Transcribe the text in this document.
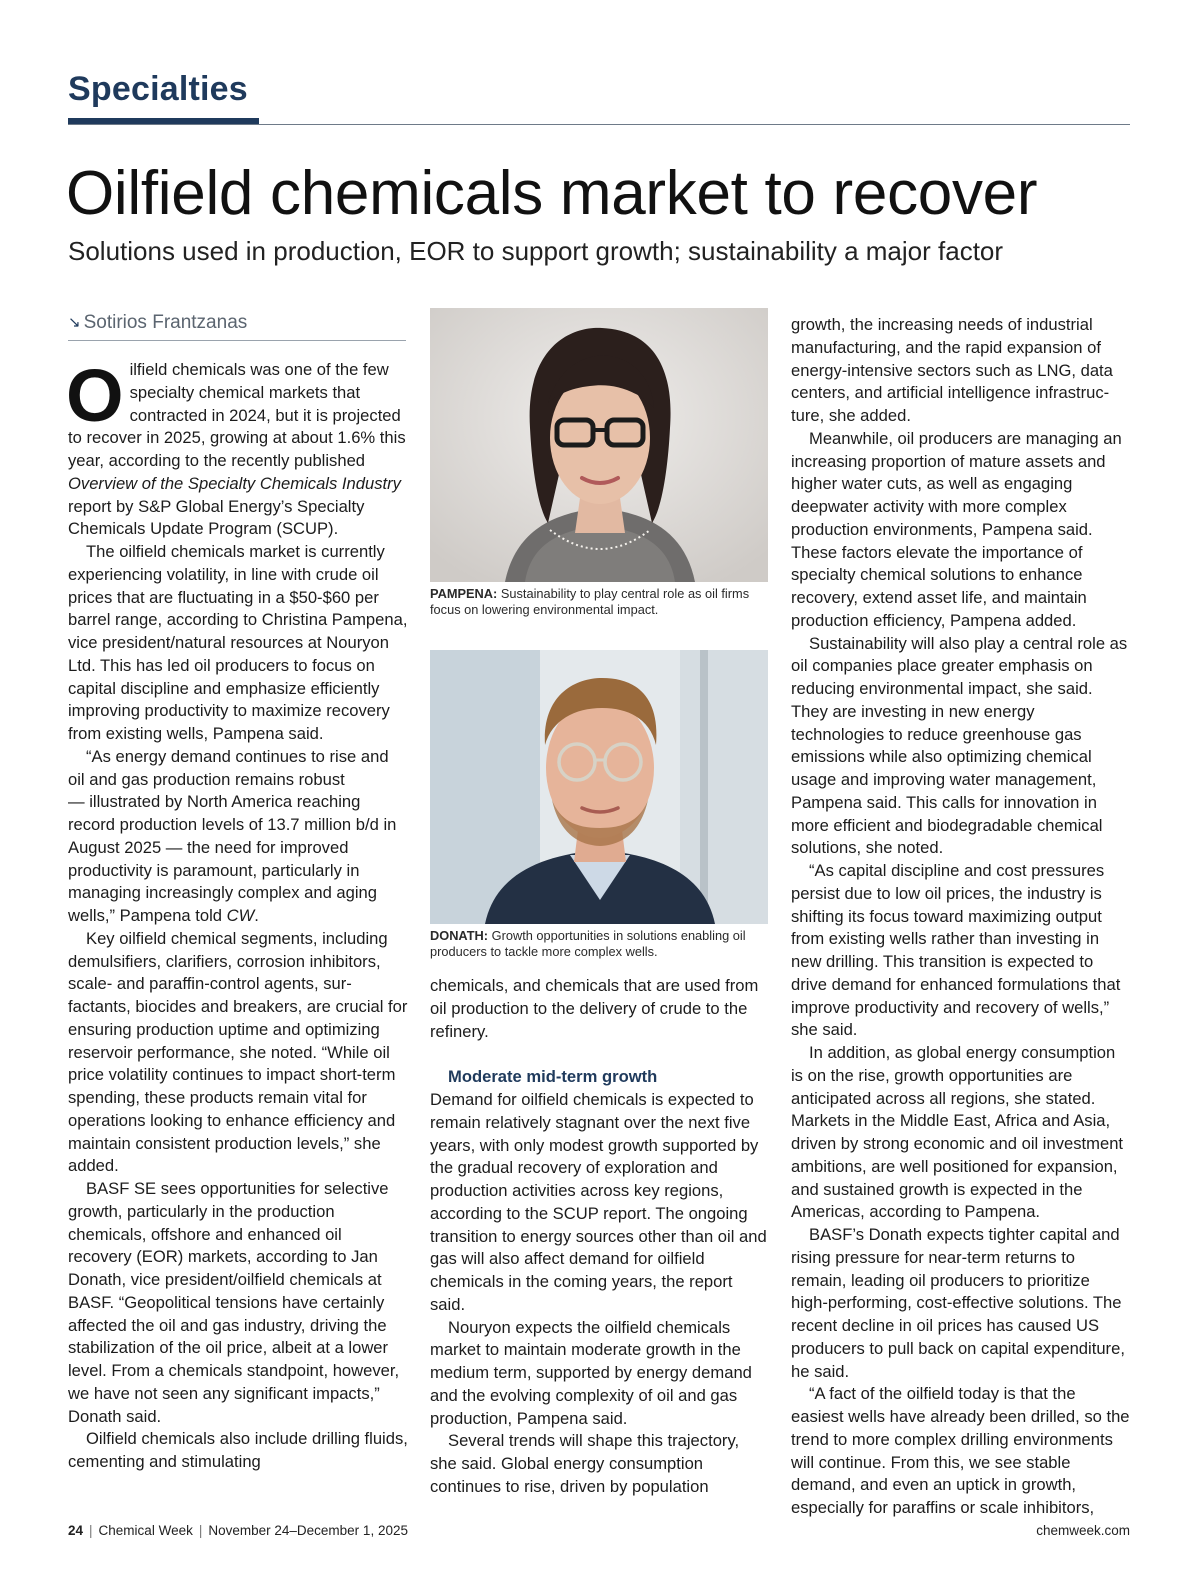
Specialties
Oilfield chemicals market to recover
Solutions used in production, EOR to support growth; sustainability a major factor
↘ Sotirios Frantzanas

Oilfield chemicals was one of the few specialty chemical markets that contracted in 2024, but it is projected to recover in 2025, growing at about 1.6% this year, according to the recently published Overview of the Specialty Chemicals Industry report by S&P Global Energy’s Specialty Chemicals Update Program (SCUP).

The oilfield chemicals market is currently experiencing volatility, in line with crude oil prices that are fluctuating in a $50-$60 per barrel range, according to Christina Pampena, vice president/natural resources at Nouryon Ltd. This has led oil producers to focus on capital discipline and emphasize efficiently improving productivity to maximize recovery from existing wells, Pampena said.

“As energy demand continues to rise and oil and gas production remains robust — illustrated by North America reaching record production levels of 13.7 million b/d in August 2025 — the need for improved productivity is paramount, particularly in managing increasingly complex and aging wells,” Pampena told CW.

Key oilfield chemical segments, including demulsifiers, clarifiers, corrosion inhibitors, scale- and paraffin-control agents, surfactants, biocides and breakers, are crucial for ensuring production uptime and optimizing reservoir performance, she noted. “While oil price volatility continues to impact short-term spending, these products remain vital for operations looking to enhance efficiency and maintain consistent production levels,” she added.

BASF SE sees opportunities for selective growth, particularly in the production chemicals, offshore and enhanced oil recovery (EOR) markets, according to Jan Donath, vice president/oilfield chemicals at BASF. “Geopolitical tensions have certainly affected the oil and gas industry, driving the stabilization of the oil price, albeit at a lower level. From a chemicals standpoint, however, we have not seen any significant impacts,” Donath said.

Oilfield chemicals also include drilling fluids, cementing and stimulating

PAMPENA: Sustainability to play central role as oil firms focus on lowering environmental impact.
DONATH: Growth opportunities in solutions enabling oil producers to tackle more complex wells.

chemicals, and chemicals that are used from oil production to the delivery of crude to the refinery.

Moderate mid-term growth

Demand for oilfield chemicals is expected to remain relatively stagnant over the next five years, with only modest growth supported by the gradual recovery of exploration and production activities across key regions, according to the SCUP report. The ongoing transition to energy sources other than oil and gas will also affect demand for oilfield chemicals in the coming years, the report said.

Nouryon expects the oilfield chemicals market to maintain moderate growth in the medium term, supported by energy demand and the evolving complexity of oil and gas production, Pampena said.

Several trends will shape this trajectory, she said. Global energy consumption continues to rise, driven by population

growth, the increasing needs of industrial manufacturing, and the rapid expansion of energy-intensive sectors such as LNG, data centers, and artificial intelligence infrastructure, she added.

Meanwhile, oil producers are managing an increasing proportion of mature assets and higher water cuts, as well as engaging deepwater activity with more complex production environments, Pampena said. These factors elevate the importance of specialty chemical solutions to enhance recovery, extend asset life, and maintain production efficiency, Pampena added.

Sustainability will also play a central role as oil companies place greater emphasis on reducing environmental impact, she said. They are investing in new energy technologies to reduce greenhouse gas emissions while also optimizing chemical usage and improving water management, Pampena said. This calls for innovation in more efficient and biodegradable chemical solutions, she noted.

“As capital discipline and cost pressures persist due to low oil prices, the industry is shifting its focus toward maximizing output from existing wells rather than investing in new drilling. This transition is expected to drive demand for enhanced formulations that improve productivity and recovery of wells,” she said.

In addition, as global energy consumption is on the rise, growth opportunities are anticipated across all regions, she stated. Markets in the Middle East, Africa and Asia, driven by strong economic and oil investment ambitions, are well positioned for expansion, and sustained growth is expected in the Americas, according to Pampena.

BASF’s Donath expects tighter capital and rising pressure for near-term returns to remain, leading oil producers to prioritize high-performing, cost-effective solutions. The recent decline in oil prices has caused US producers to pull back on capital expenditure, he said.

“A fact of the oilfield today is that the easiest wells have already been drilled, so the trend to more complex drilling environments will continue. From this, we see stable demand, and even an uptick in growth, especially for paraffins or scale inhibitors,

24 | Chemical Week | November 24–December 1, 2025	chemweek.com
